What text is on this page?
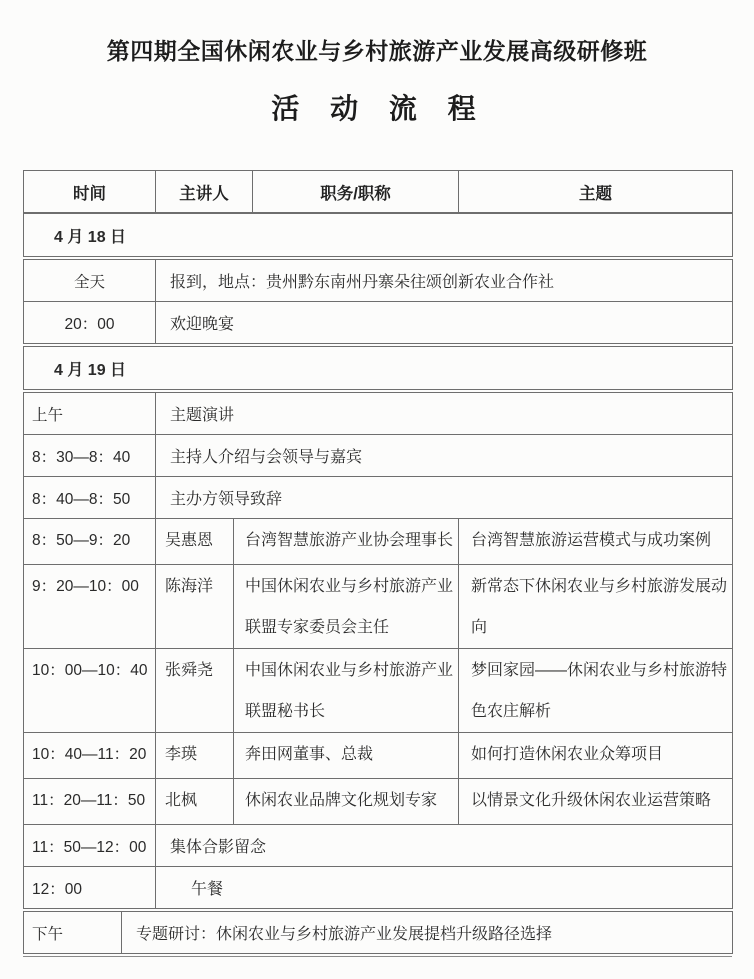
第四期全国休闲农业与乡村旅游产业发展高级研修班
活 动 流 程
时间	主讲人	职务/职称	主题
4 月 18 日
全天	报到，地点：贵州黔东南州丹寨朵往颂创新农业合作社
20：00	欢迎晚宴
4 月 19 日
上午	主题演讲
8：30—8：40	主持人介绍与会领导与嘉宾
8：40—8：50	主办方领导致辞
8：50—9：20	吴惠恩	台湾智慧旅游产业协会理事长	台湾智慧旅游运营模式与成功案例
9：20—10：00	陈海洋	中国休闲农业与乡村旅游产业联盟专家委员会主任	新常态下休闲农业与乡村旅游发展动向
10：00—10：40	张舜尧	中国休闲农业与乡村旅游产业联盟秘书长	梦回家园——休闲农业与乡村旅游特色农庄解析
10：40—11：20	李瑛	奔田网董事、总裁	如何打造休闲农业众筹项目
11：20—11：50	北枫	休闲农业品牌文化规划专家	以情景文化升级休闲农业运营策略
11：50—12：00	集体合影留念
12：00	午餐
下午	专题研讨：休闲农业与乡村旅游产业发展提档升级路径选择
